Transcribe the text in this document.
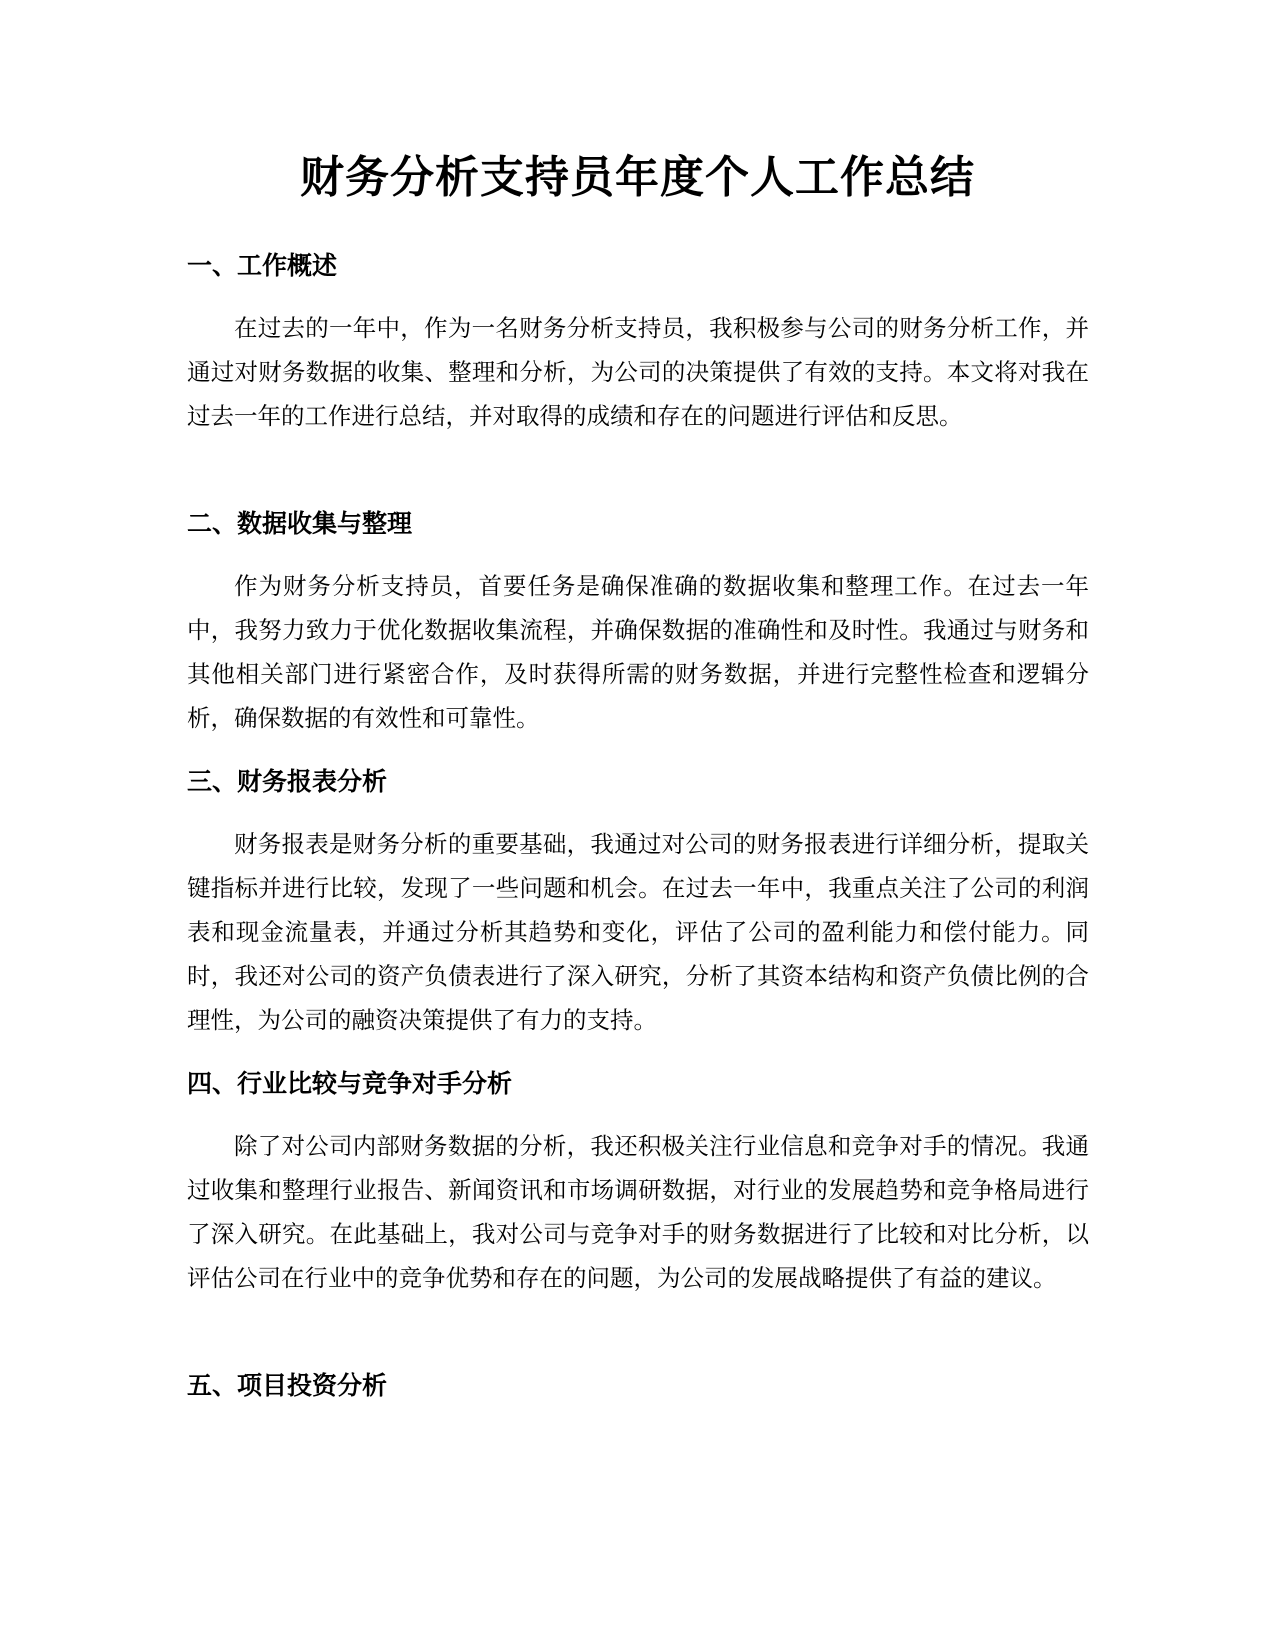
财务分析支持员年度个人工作总结
一、工作概述

在过去的一年中，作为一名财务分析支持员，我积极参与公司的财务分析工作，并通过对财务数据的收集、整理和分析，为公司的决策提供了有效的支持。本文将对我在过去一年的工作进行总结，并对取得的成绩和存在的问题进行评估和反思。

二、数据收集与整理

作为财务分析支持员，首要任务是确保准确的数据收集和整理工作。在过去一年中，我努力致力于优化数据收集流程，并确保数据的准确性和及时性。我通过与财务和其他相关部门进行紧密合作，及时获得所需的财务数据，并进行完整性检查和逻辑分析，确保数据的有效性和可靠性。

三、财务报表分析

财务报表是财务分析的重要基础，我通过对公司的财务报表进行详细分析，提取关键指标并进行比较，发现了一些问题和机会。在过去一年中，我重点关注了公司的利润表和现金流量表，并通过分析其趋势和变化，评估了公司的盈利能力和偿付能力。同时，我还对公司的资产负债表进行了深入研究，分析了其资本结构和资产负债比例的合理性，为公司的融资决策提供了有力的支持。

四、行业比较与竞争对手分析

除了对公司内部财务数据的分析，我还积极关注行业信息和竞争对手的情况。我通过收集和整理行业报告、新闻资讯和市场调研数据，对行业的发展趋势和竞争格局进行了深入研究。在此基础上，我对公司与竞争对手的财务数据进行了比较和对比分析，以评估公司在行业中的竞争优势和存在的问题，为公司的发展战略提供了有益的建议。

五、项目投资分析
